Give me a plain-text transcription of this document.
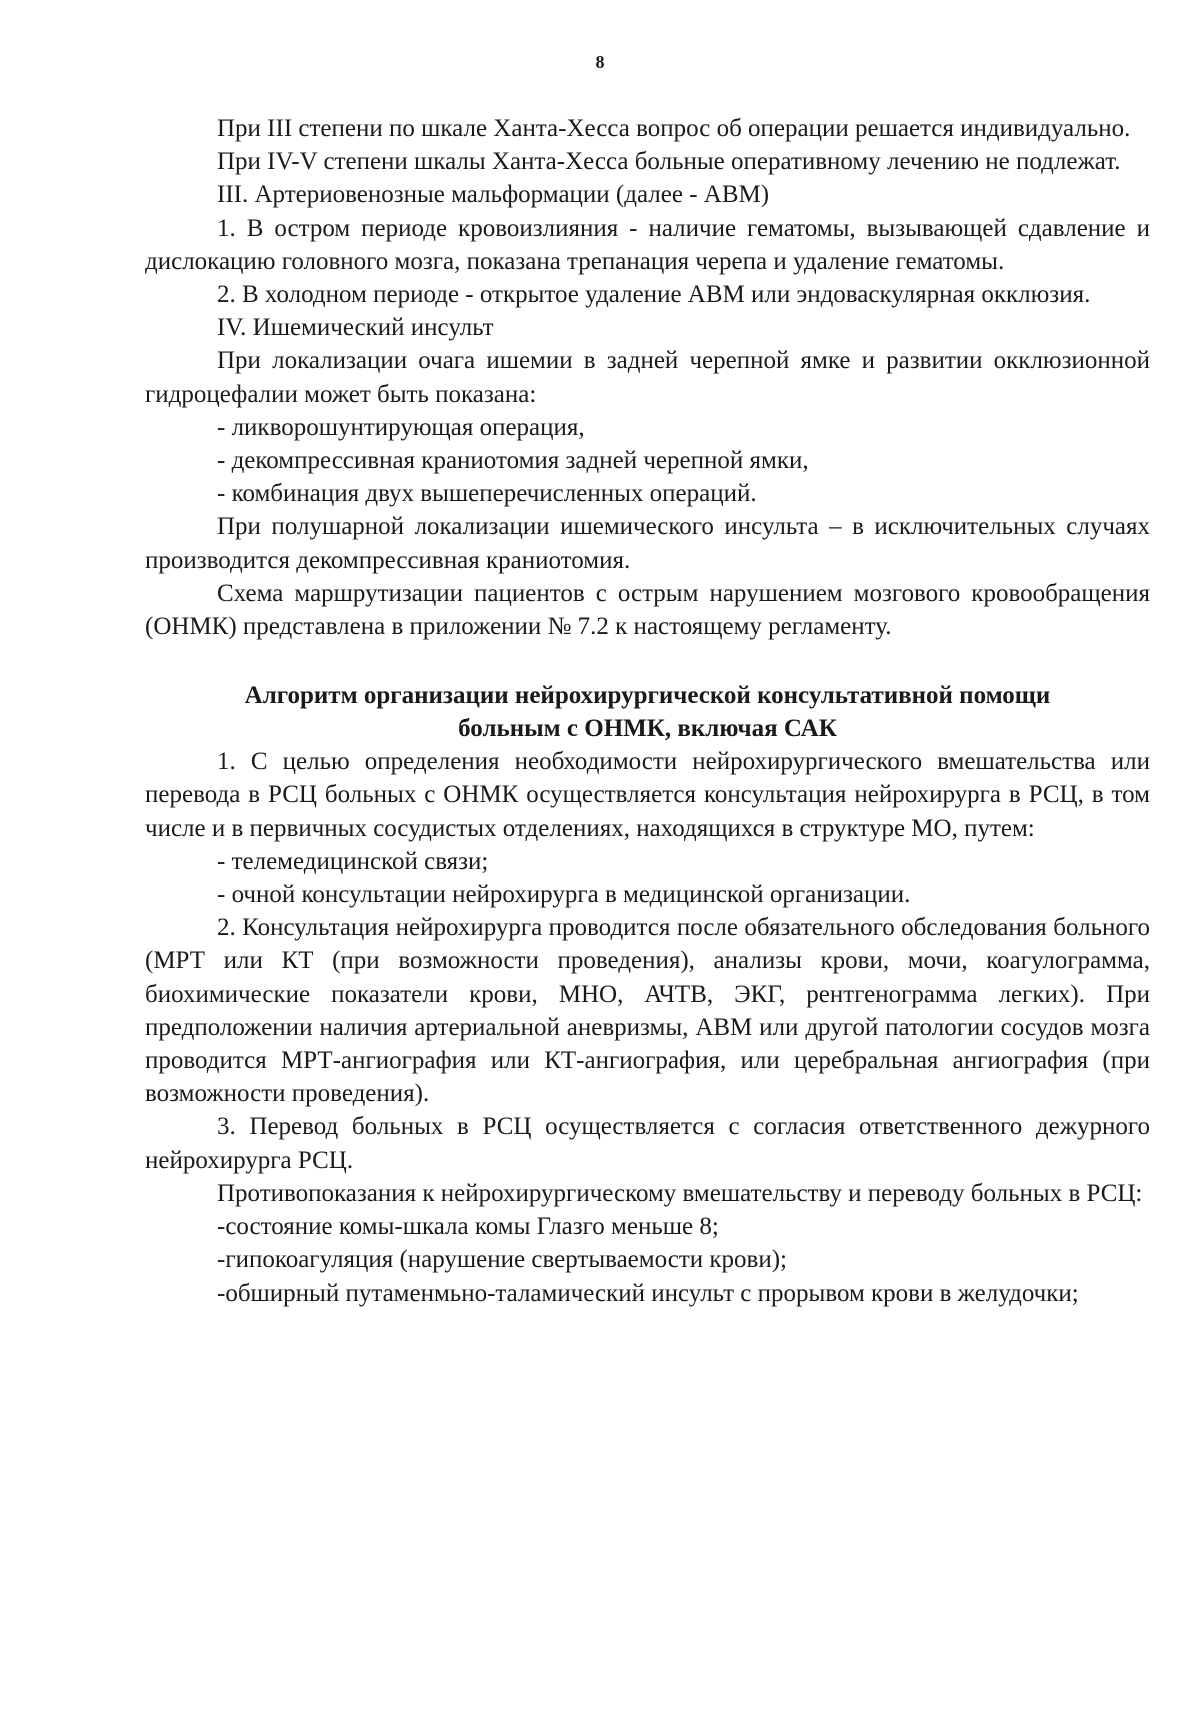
8

При III степени по шкале Ханта-Хесса вопрос об операции решается индивидуально.

При IV-V степени шкалы Ханта-Хесса больные оперативному лечению не подлежат.

III. Артериовенозные мальформации (далее - АВМ)

1. В остром периоде кровоизлияния - наличие гематомы, вызывающей сдавление и дислокацию головного мозга, показана трепанация черепа и удаление гематомы.

2. В холодном периоде - открытое удаление АВМ или эндоваскулярная окклюзия.

IV. Ишемический инсульт

При локализации очага ишемии в задней черепной ямке и развитии окклюзионной гидроцефалии может быть показана:

- ликворошунтирующая операция,

- декомпрессивная краниотомия задней черепной ямки,

- комбинация двух вышеперечисленных операций.

При полушарной локализации ишемического инсульта – в исключительных случаях производится декомпрессивная краниотомия.

Схема маршрутизации пациентов с острым нарушением мозгового кровообращения (ОНМК) представлена в приложении № 7.2 к настоящему регламенту.

Алгоритм организации нейрохирургической консультативной помощи
больным с ОНМК, включая САК

1. С целью определения необходимости нейрохирургического вмешательства или перевода в РСЦ больных с ОНМК осуществляется консультация нейрохирурга в РСЦ, в том числе и в первичных сосудистых отделениях, находящихся в структуре МО, путем:

- телемедицинской связи;

- очной консультации нейрохирурга в медицинской организации.

2. Консультация нейрохирурга проводится после обязательного обследования больного (МРТ или КТ (при возможности проведения), анализы крови, мочи, коагулограмма, биохимические показатели крови, МНО, АЧТВ, ЭКГ, рентгенограмма легких). При предположении наличия артериальной аневризмы, АВМ или другой патологии сосудов мозга проводится МРТ-ангиография или КТ-ангиография, или церебральная ангиография (при возможности проведения).

3. Перевод больных в РСЦ осуществляется с согласия ответственного дежурного нейрохирурга РСЦ.

Противопоказания к нейрохирургическому вмешательству и переводу больных в РСЦ:

-состояние комы-шкала комы Глазго меньше 8;

-гипокоагуляция (нарушение свертываемости крови);

-обширный путаменмьно-таламический инсульт с прорывом крови в желудочки;
